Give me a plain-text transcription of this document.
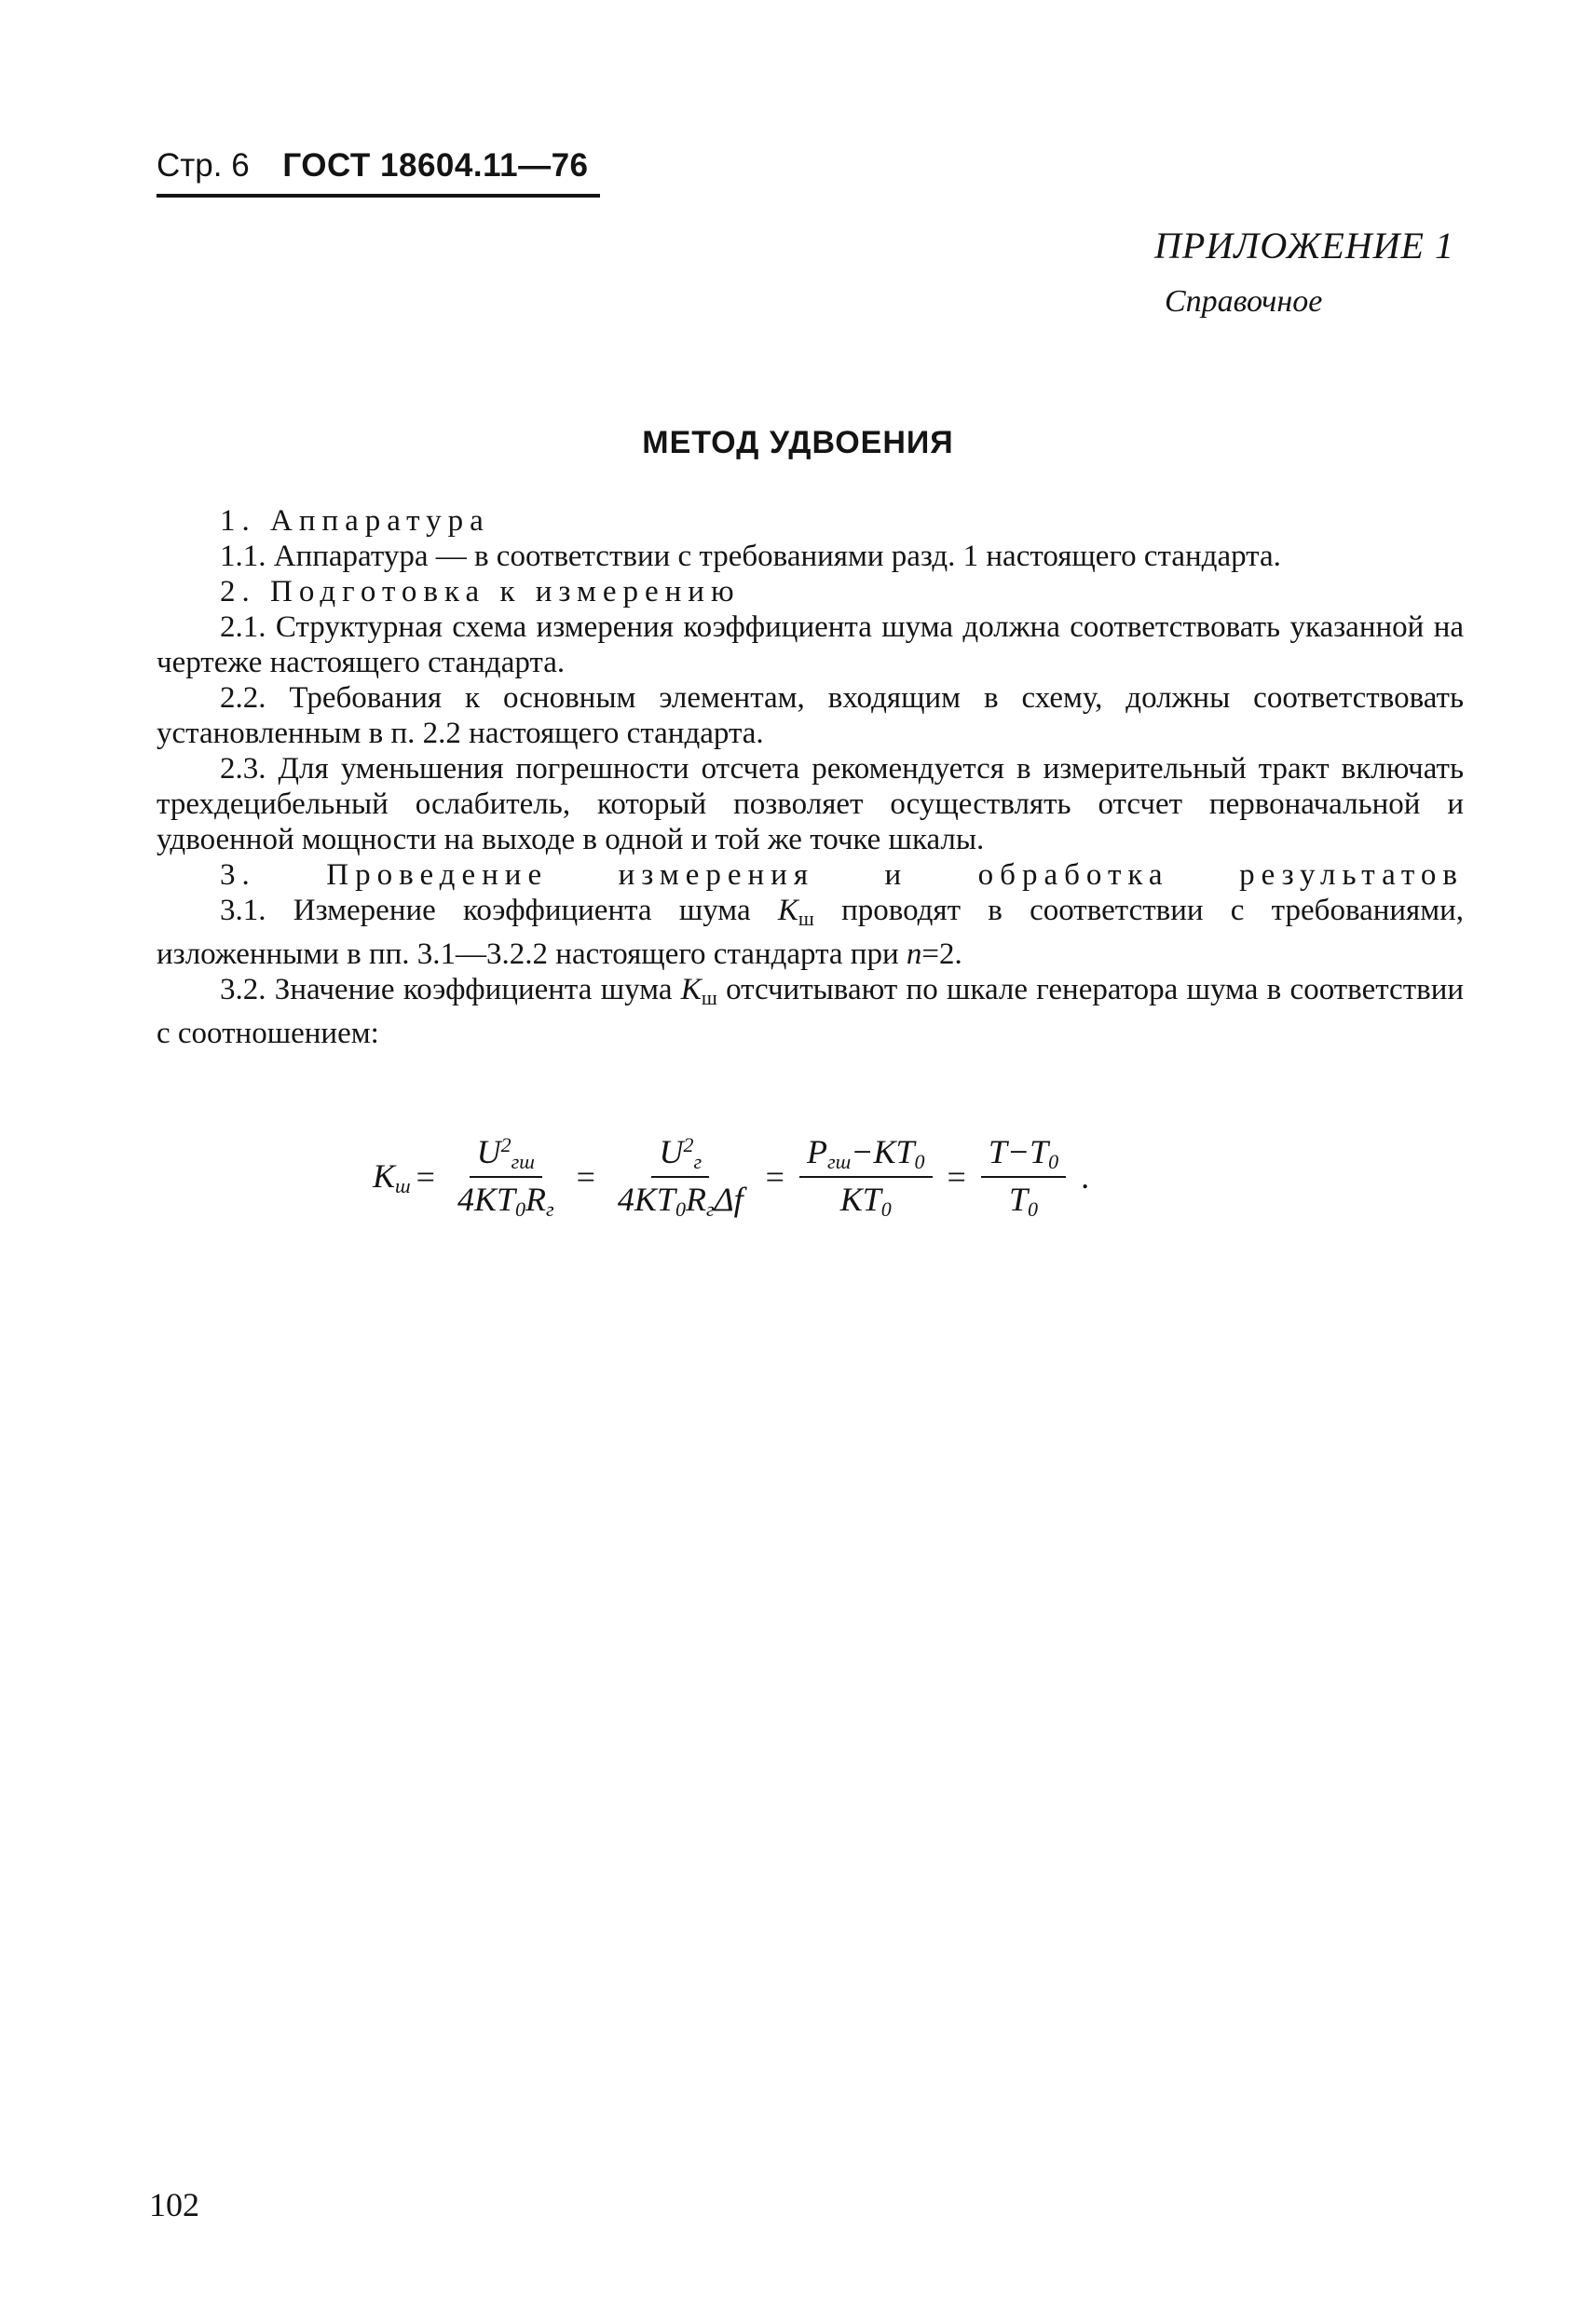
Стр. 6 ГОСТ 18604.11—76
ПРИЛОЖЕНИЕ 1
Справочное
МЕТОД УДВОЕНИЯ

1. Аппаратура

1.1. Аппаратура — в соответствии с требованиями разд. 1 настоящего стандарта.

2. Подготовка к измерению

2.1. Структурная схема измерения коэффициента шума должна соответствовать указанной на чертеже настоящего стандарта.

2.2. Требования к основным элементам, входящим в схему, должны соответствовать установленным в п. 2.2 настоящего стандарта.

2.3. Для уменьшения погрешности отсчета рекомендуется в измерительный тракт включать трехдецибельный ослабитель, который позволяет осуществлять отсчет первоначальной и удвоенной мощности на выходе в одной и той же точке шкалы.

3. Проведение измерения и обработка результатов

3.1. Измерение коэффициента шума $K_ш$ проводят в соответствии с требованиями, изложенными в пп. 3.1—3.2.2 настоящего стандарта при n=2.

3.2. Значение коэффициента шума $K_ш$ отсчитывают по шкале генератора шума в соответствии с соотношением:

$K_ш = \frac{U^2_{гш}}{4KT_0R_г} = \frac{U^2_г}{4KT_0R_г\Delta f} = \frac{P_{гш}-KT_0}{KT_0} = \frac{T-T_0}{T_0}$ .
102
